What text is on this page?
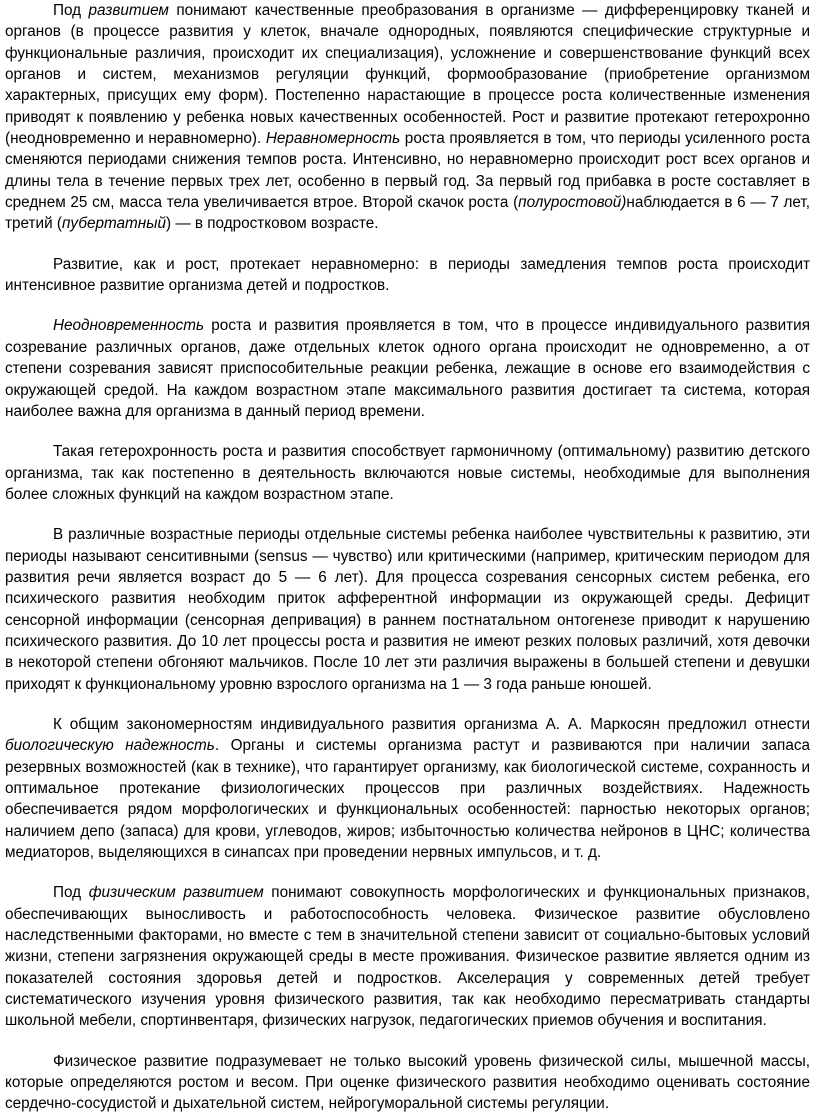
Под развитием понимают качественные преобразования в организме — дифференцировку тканей и органов (в процессе развития у клеток, вначале однородных, появляются специфические структурные и функциональные различия, происходит их специализация), усложнение и совершенствование функций всех органов и систем, механизмов регуляции функций, формообразование (приобретение организмом характерных, присущих ему форм). Постепенно нарастающие в процессе роста количественные изменения приводят к появлению у ребенка новых качественных особенностей. Рост и развитие протекают гетерохронно (неодновременно и неравномерно). Неравномерность роста проявляется в том, что периоды усиленного роста сменяются периодами снижения темпов роста. Интенсивно, но неравномерно происходит рост всех органов и длины тела в течение первых трех лет, особенно в первый год. За первый год прибавка в росте составляет в среднем 25 см, масса тела увеличивается втрое. Второй скачок роста (полуростовой)наблюдается в 6 — 7 лет, третий (пубертатный) — в подростковом возрасте.

Развитие, как и рост, протекает неравномерно: в периоды замедления темпов роста происходит интенсивное развитие организма детей и подростков.

Неодновременность роста и развития проявляется в том, что в процессе индивидуального развития созревание различных органов, даже отдельных клеток одного органа происходит не одновременно, а от степени созревания зависят приспособительные реакции ребенка, лежащие в основе его взаимодействия с окружающей средой. На каждом возрастном этапе максимального развития достигает та система, которая наиболее важна для организма в данный период времени.

Такая гетерохронность роста и развития способствует гармоничному (оптимальному) развитию детского организма, так как постепенно в деятельность включаются новые системы, необходимые для выполнения более сложных функций на каждом возрастном этапе.

В различные возрастные периоды отдельные системы ребенка наиболее чувствительны к развитию, эти периоды называют сенситивными (sensus — чувство) или критическими (например, критическим периодом для развития речи является возраст до 5 — 6 лет). Для процесса созревания сенсорных систем ребенка, его психического развития необходим приток афферентной информации из окружающей среды. Дефицит сенсорной информации (сенсорная депривация) в раннем постнатальном онтогенезе приводит к нарушению психического развития. До 10 лет процессы роста и развития не имеют резких половых различий, хотя девочки в некоторой степени обгоняют мальчиков. После 10 лет эти различия выражены в большей степени и девушки приходят к функциональному уровню взрослого организма на 1 — 3 года раньше юношей.

К общим закономерностям индивидуального развития организма А. А. Маркосян предложил отнести биологическую надежность. Органы и системы организма растут и развиваются при наличии запаса резервных возможностей (как в технике), что гарантирует организму, как биологической системе, сохранность и оптимальное протекание физиологических процессов при различных воздействиях. Надежность обеспечивается рядом морфологических и функциональных особенностей: парностью некоторых органов; наличием депо (запаса) для крови, углеводов, жиров; избыточностью количества нейронов в ЦНС; количества медиаторов, выделяющихся в синапсах при проведении нервных импульсов, и т. д.

Под физическим развитием понимают совокупность морфологических и функциональных признаков, обеспечивающих выносливость и работоспособность человека. Физическое развитие обусловлено наследственными факторами, но вместе с тем в значительной степени зависит от социально-бытовых условий жизни, степени загрязнения окружающей среды в месте проживания. Физическое развитие является одним из показателей состояния здоровья детей и подростков. Акселерация у современных детей требует систематического изучения уровня физического развития, так как необходимо пересматривать стандарты школьной мебели, спортинвентаря, физических нагрузок, педагогических приемов обучения и воспитания.

Физическое развитие подразумевает не только высокий уровень физической силы, мышечной массы, которые определяются ростом и весом. При оценке физического развития необходимо оценивать состояние сердечно-сосудистой и дыхательной систем, нейрогуморальной системы регуляции.
